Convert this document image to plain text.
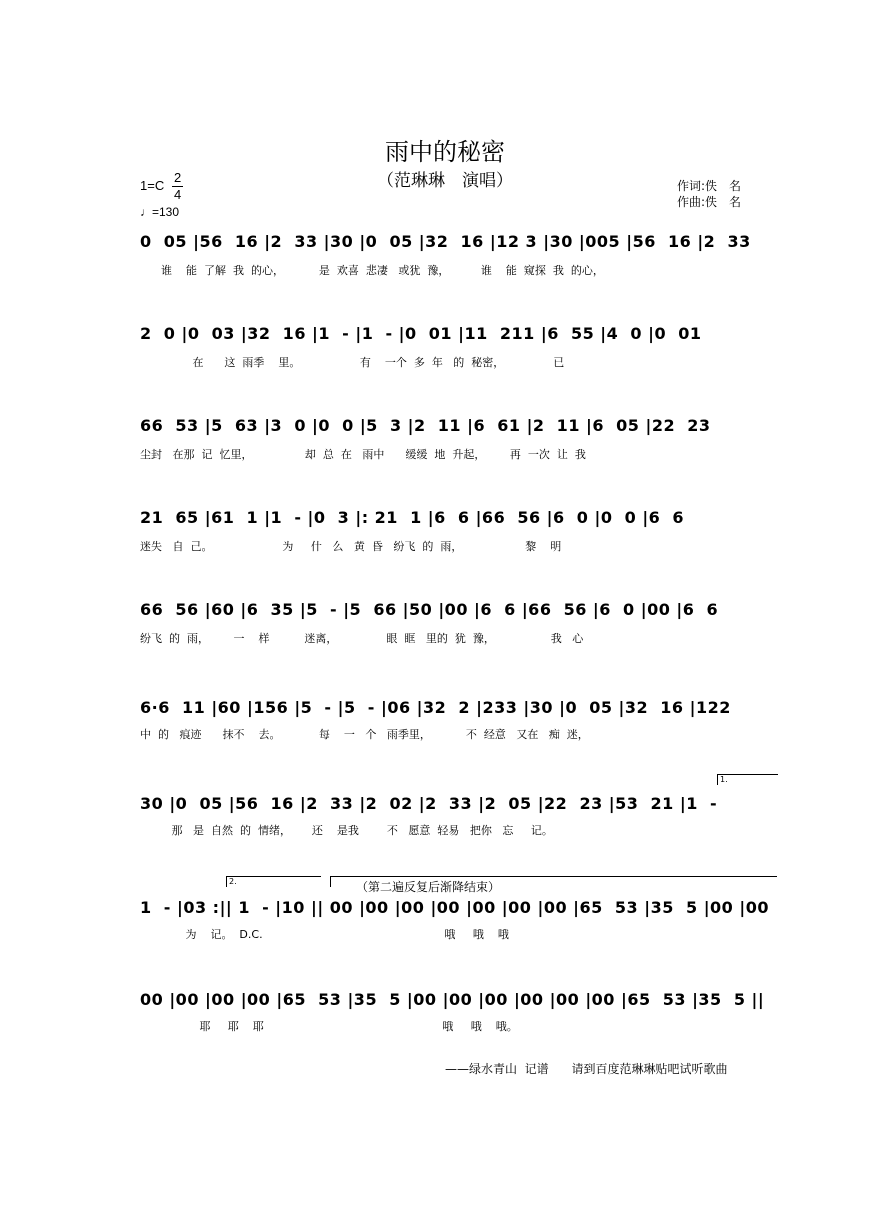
雨中的秘密
（范琳琳　演唱）
1=C
2
4
♩=130
作词:佚　名
作曲:佚　名
0  05 |56  16 |2  33 |30 |0  05 |32  16 |12 3 |30 |005 |56  16 |2  33
谁    能  了解  我  的心，          是  欢喜  悲凄   或犹  豫，         谁    能  窥探  我  的心，
2  0 |0  03 |32  16 |1  - |1  - |0  01 |11  211 |6  55 |4  0 |0  01
在      这  雨季    里。                 有    一个  多  年   的  秘密，              已
66  53 |5  63 |3  0 |0  0 |5  3 |2  11 |6  61 |2  11 |6  05 |22  23
尘封   在那  记  忆里，               却  总  在   雨中      缓缓  地  升起，       再  一次  让  我
21  65 |61  1 |1  - |0  3 |: 21  1 |6  6 |66  56 |6  0 |0  0 |6  6
迷失   自  己。                    为     什   么   黄  昏   纷飞  的  雨，                  黎    明
66  56 |60 |6  35 |5  - |5  66 |50 |00 |6  6 |66  56 |6  0 |00 |6  6
纷飞  的  雨，       一    样          迷离，              眼  眶   里的  犹  豫，                我   心
6·6  11 |60 |156 |5  - |5  - |06 |32  2 |233 |30 |0  05 |32  16 |122
中  的   痕迹      抹不    去。           每    一   个   雨季里，          不  经意   又在   痴  迷，
1.
30 |0  05 |56  16 |2  33 |2  02 |2  33 |2  05 |22  23 |53  21 |1  -
那   是  自然  的  情绪，      还    是我        不   愿意  轻易   把你   忘     记。
2.	（第二遍反复后渐降结束）
1  - |03 :|| 1  - |10 || 00 |00 |00 |00 |00 |00 |00 |65  53 |35  5 |00 |00
为    记。  D.C.                                                    哦     哦    哦
00 |00 |00 |00 |65  53 |35  5 |00 |00 |00 |00 |00 |00 |65  53 |35  5 ||
耶     耶    耶                                                   哦     哦    哦。
——绿水青山  记谱      请到百度范琳琳贴吧试听歌曲
